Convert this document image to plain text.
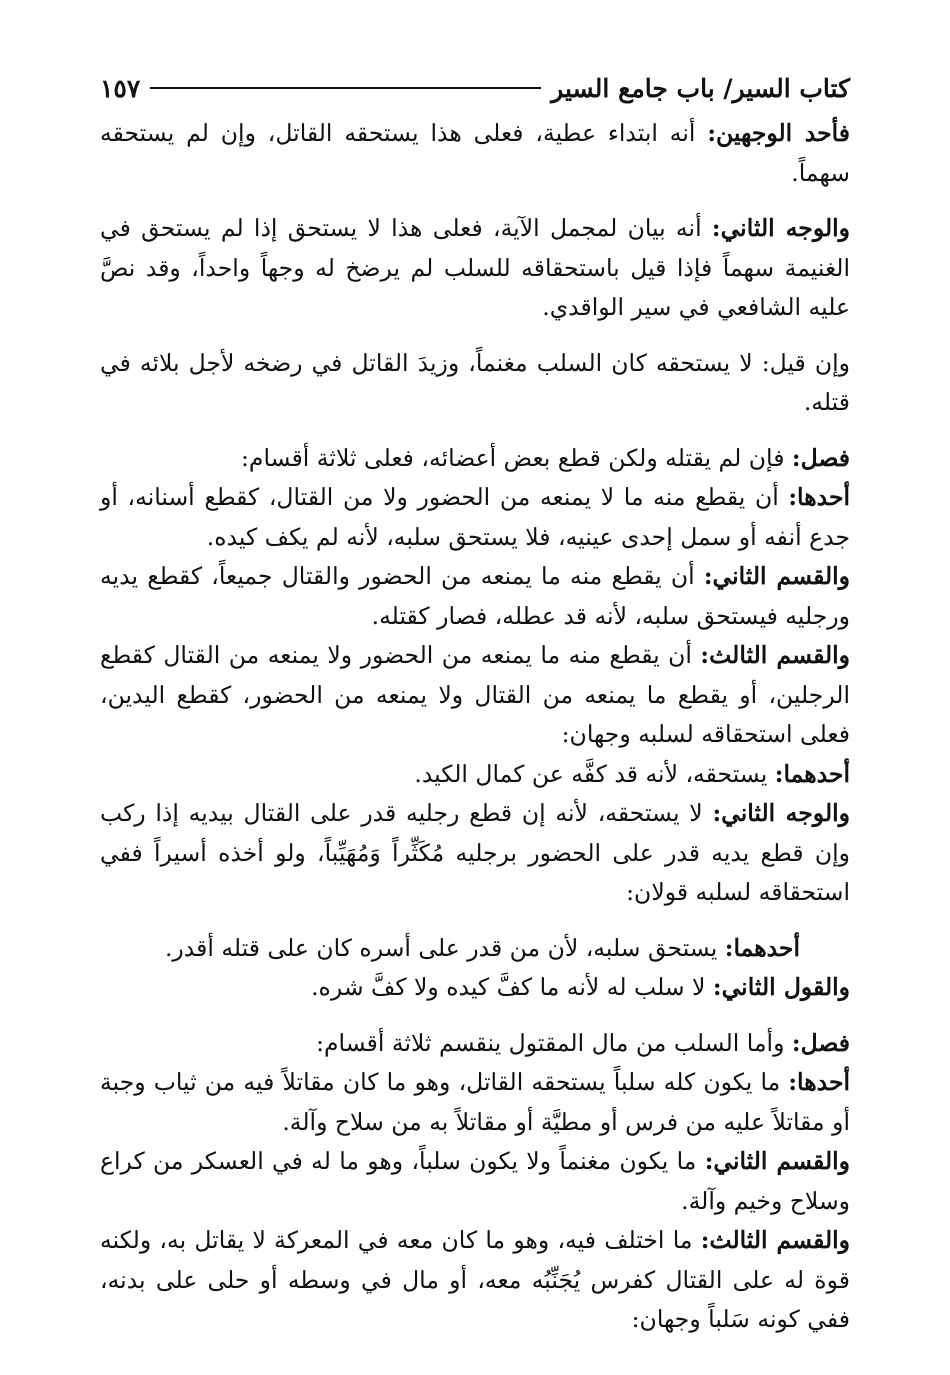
كتاب السير/ باب جامع السير
١٥٧

فأحد الوجهين: أنه ابتداء عطية، فعلى هذا يستحقه القاتل، وإن لم يستحقه سهماً.

والوجه الثاني: أنه بيان لمجمل الآية، فعلى هذا لا يستحق إذا لم يستحق في الغنيمة سهماً فإذا قيل باستحقاقه للسلب لم يرضخ له وجهاً واحداً، وقد نصَّ عليه الشافعي في سير الواقدي.

وإن قيل: لا يستحقه كان السلب مغنماً، وزيدَ القاتل في رضخه لأجل بلائه في قتله.

فصل: فإن لم يقتله ولكن قطع بعض أعضائه، فعلى ثلاثة أقسام:

أحدها: أن يقطع منه ما لا يمنعه من الحضور ولا من القتال، كقطع أسنانه، أو جدع أنفه أو سمل إحدى عينيه، فلا يستحق سلبه، لأنه لم يكف كيده.

والقسم الثاني: أن يقطع منه ما يمنعه من الحضور والقتال جميعاً، كقطع يديه ورجليه فيستحق سلبه، لأنه قد عطله، فصار كقتله.

والقسم الثالث: أن يقطع منه ما يمنعه من الحضور ولا يمنعه من القتال كقطع الرجلين، أو يقطع ما يمنعه من القتال ولا يمنعه من الحضور، كقطع اليدين، فعلى استحقاقه لسلبه وجهان:

أحدهما: يستحقه، لأنه قد كفَّه عن كمال الكيد.

والوجه الثاني: لا يستحقه، لأنه إن قطع رجليه قدر على القتال بيديه إذا ركب وإن قطع يديه قدر على الحضور برجليه مُكَثِّراً وَمُهَيِّباً، ولو أخذه أسيراً ففي استحقاقه لسلبه قولان:

أحدهما: يستحق سلبه، لأن من قدر على أسره كان على قتله أقدر.

والقول الثاني: لا سلب له لأنه ما كفَّ كيده ولا كفَّ شره.

فصل: وأما السلب من مال المقتول ينقسم ثلاثة أقسام:

أحدها: ما يكون كله سلباً يستحقه القاتل، وهو ما كان مقاتلاً فيه من ثياب وجبة أو مقاتلاً عليه من فرس أو مطيَّة أو مقاتلاً به من سلاح وآلة.

والقسم الثاني: ما يكون مغنماً ولا يكون سلباً، وهو ما له في العسكر من كراع وسلاح وخيم وآلة.

والقسم الثالث: ما اختلف فيه، وهو ما كان معه في المعركة لا يقاتل به، ولكنه قوة له على القتال كفرس يُجَنِّبُه معه، أو مال في وسطه أو حلى على بدنه، ففي كونه سَلباً وجهان:
